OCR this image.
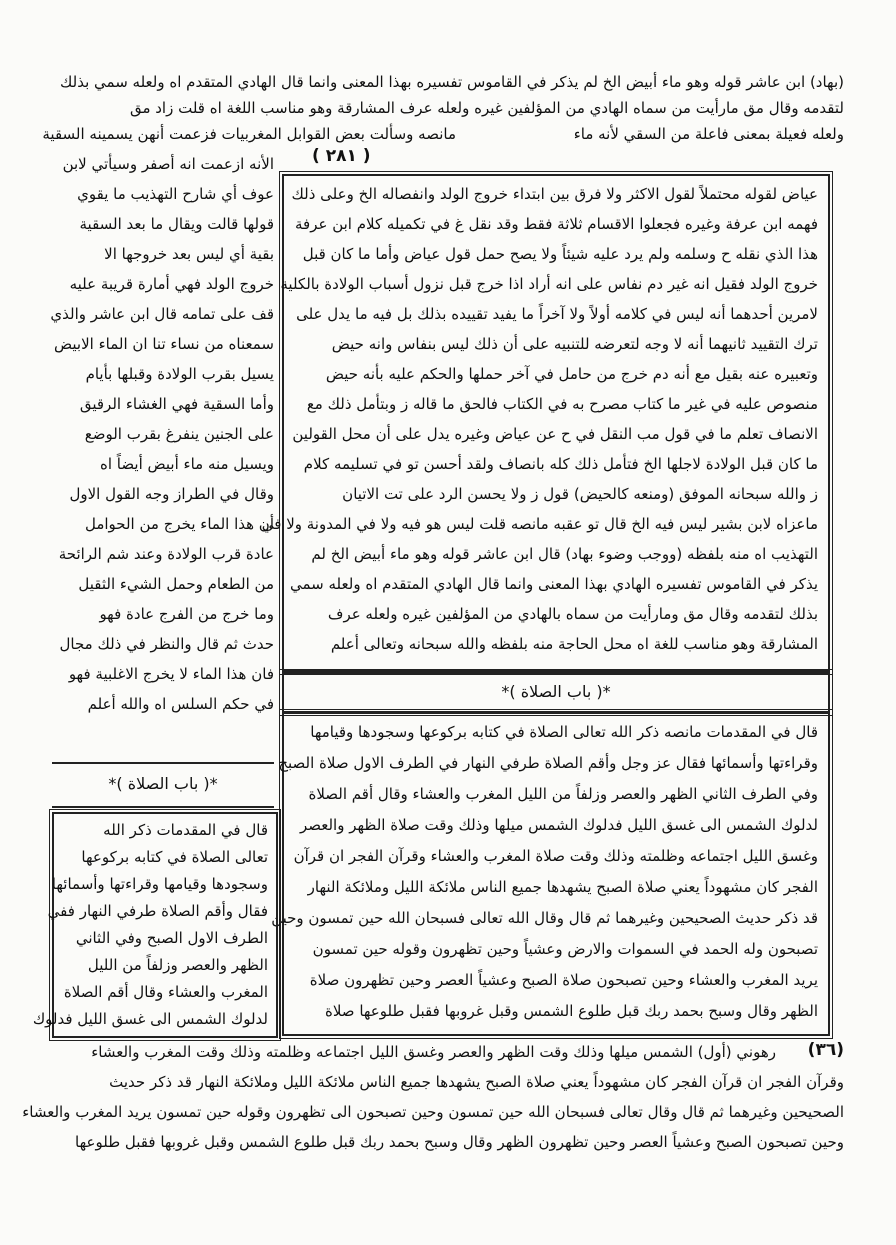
(بهاد) ابن عاشر قوله وهو ماء أبيض الخ لم يذكر في القاموس تفسيره بهذا المعنى وانما قال الهادي المتقدم اه ولعله سمي بذلك
لتقدمه وقال مق مارأيت من سماه الهادي من المؤلفين غيره ولعله عرف المشارقة وهو مناسب اللغة اه قلت زاد مق
مانصه وسألت بعض القوابل المغربيات فزعمت أنهن يسمينه السقية	ولعله فعيلة بمعنى فاعلة من السقي لأنه ماء
( ٢٨١ )
عياض لقوله محتملاً لقول الاكثر ولا فرق بين ابتداء خروج الولد وانفصاله الخ وعلى ذلك
فهمه ابن عرفة وغيره فجعلوا الاقسام ثلاثة فقط وقد نقل غ في تكميله كلام ابن عرفة
هذا الذي نقله ح وسلمه ولم يرد عليه شيئاً ولا يصح حمل قول عياض وأما ما كان قبل
خروج الولد فقيل انه غير دم نفاس على انه أراد اذا خرج قبل نزول أسباب الولادة بالكلية
لامرين أحدهما أنه ليس في كلامه أولاً ولا آخراً ما يفيد تقييده بذلك بل فيه ما يدل على
ترك التقييد ثانيهما أنه لا وجه لتعرضه للتنبيه على أن ذلك ليس بنفاس وانه حيض
وتعبيره عنه بقيل مع أنه دم خرج من حامل في آخر حملها والحكم عليه بأنه حيض
منصوص عليه في غير ما كتاب مصرح به في الكتاب فالحق ما قاله ز وبتأمل ذلك مع
الانصاف تعلم ما في قول مب النقل في ح عن عياض وغيره يدل على أن محل القولين
ما كان قبل الولادة لاجلها الخ فتأمل ذلك كله بانصاف ولقد أحسن تو في تسليمه كلام
ز والله سبحانه الموفق (ومنعه كالحيض) قول ز ولا يحسن الرد على تت الاتيان
ماعزاه لابن بشير ليس فيه الخ قال تو عقبه مانصه قلت ليس هو فيه ولا في المدونة ولا في
التهذيب اه منه بلفظه (ووجب وضوء بهاد) قال ابن عاشر قوله وهو ماء أبيض الخ لم
يذكر في القاموس تفسيره الهادي بهذا المعنى وانما قال الهادي المتقدم اه ولعله سمي
بذلك لتقدمه وقال مق ومارأيت من سماه بالهادي من المؤلفين غيره ولعله عرف
المشارقة وهو مناسب للغة اه محل الحاجة منه بلفظه والله سبحانه وتعالى أعلم
*( باب الصلاة )*
قال في المقدمات مانصه ذكر الله تعالى الصلاة في كتابه بركوعها وسجودها وقيامها
وقراءتها وأسمائها فقال عز وجل وأقم الصلاة طرفي النهار في الطرف الاول صلاة الصبح
وفي الطرف الثاني الظهر والعصر وزلفاً من الليل المغرب والعشاء وقال أقم الصلاة
لدلوك الشمس الى غسق الليل فدلوك الشمس ميلها وذلك وقت صلاة الظهر والعصر
وغسق الليل اجتماعه وظلمته وذلك وقت صلاة المغرب والعشاء وقرآن الفجر ان قرآن
الفجر كان مشهوداً يعني صلاة الصبح يشهدها جميع الناس ملائكة الليل وملائكة النهار
قد ذكر حديث الصحيحين وغيرهما ثم قال وقال الله تعالى فسبحان الله حين تمسون وحين
تصبحون وله الحمد في السموات والارض وعشياً وحين تظهرون وقوله حين تمسون
يريد المغرب والعشاء وحين تصبحون صلاة الصبح وعشياً العصر وحين تظهرون صلاة
الظهر وقال وسبح بحمد ربك قبل طلوع الشمس وقبل غروبها فقبل طلوعها صلاة
الأنه ازعمت انه أصفر وسيأتي لابن
عوف أي شارح التهذيب ما يقوي
قولها قالت ويقال ما بعد السقية
بقية أي ليس بعد خروجها الا
خروج الولد فهي أمارة قريبة عليه
قف على تمامه قال ابن عاشر والذي
سمعناه من نساء تنا ان الماء الابيض
يسيل بقرب الولادة وقبلها بأيام
وأما السقية فهي الغشاء الرقيق
على الجنين ينفرغ بقرب الوضع
ويسيل منه ماء أبيض أيضاً اه
وقال في الطراز وجه القول الاول
أن هذا الماء يخرج من الحوامل
عادة قرب الولادة وعند شم الرائحة
من الطعام وحمل الشيء الثقيل
وما خرج من الفرج عادة فهو
حدث ثم قال والنظر في ذلك مجال
فان هذا الماء لا يخرج الاغلبية فهو
في حكم السلس اه والله أعلم
*( باب الصلاة )*
قال في المقدمات ذكر الله
تعالى الصلاة في كتابه بركوعها
وسجودها وقيامها وقراءتها وأسمائها
فقال وأقم الصلاة طرفي النهار ففي
الطرف الاول الصبح وفي الثاني
الظهر والعصر وزلفاً من الليل
المغرب والعشاء وقال أقم الصلاة
لدلوك الشمس الى غسق الليل فدلوك
(٣٦)
رهوني (أول) الشمس ميلها وذلك وقت الظهر والعصر وغسق الليل اجتماعه وظلمته وذلك وقت المغرب والعشاء
وقرآن الفجر ان قرآن الفجر كان مشهوداً يعني صلاة الصبح يشهدها جميع الناس ملائكة الليل وملائكة النهار قد ذكر حديث
الصحيحين وغيرهما ثم قال وقال تعالى فسبحان الله حين تمسون وحين تصبحون الى تظهرون وقوله حين تمسون يريد المغرب والعشاء
وحين تصبحون الصبح وعشياً العصر وحين تظهرون الظهر وقال وسبح بحمد ربك قبل طلوع الشمس وقبل غروبها فقبل طلوعها
